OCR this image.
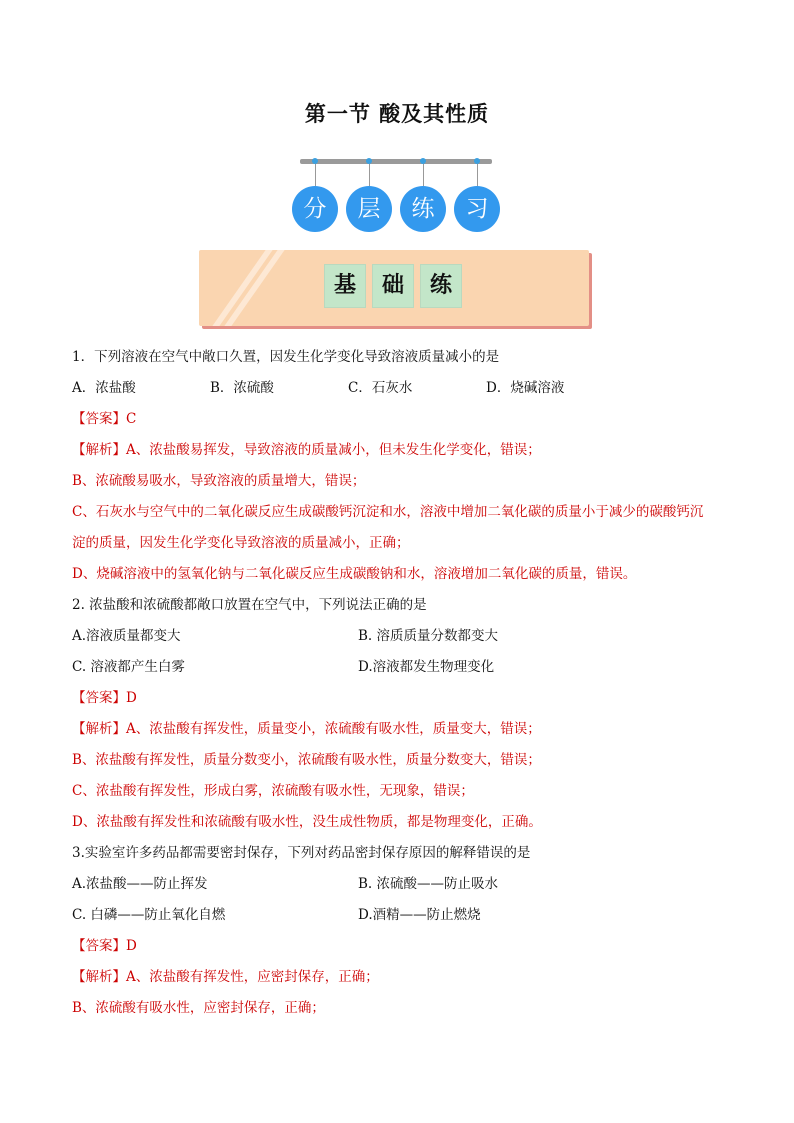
第一节 酸及其性质
分	层	练	习
基	础	练

1．下列溶液在空气中敞口久置，因发生化学变化导致溶液质量减小的是

A．浓盐酸	B．浓硫酸	C．石灰水	D．烧碱溶液

【答案】C

【解析】A、浓盐酸易挥发，导致溶液的质量减小，但未发生化学变化，错误；

B、浓硫酸易吸水，导致溶液的质量增大，错误；

C、石灰水与空气中的二氧化碳反应生成碳酸钙沉淀和水，溶液中增加二氧化碳的质量小于减少的碳酸钙沉

淀的质量，因发生化学变化导致溶液的质量减小，正确；

D、烧碱溶液中的氢氧化钠与二氧化碳反应生成碳酸钠和水，溶液增加二氧化碳的质量，错误。

2. 浓盐酸和浓硫酸都敞口放置在空气中，下列说法正确的是

A.溶液质量都变大	B. 溶质质量分数都变大
C. 溶液都产生白雾	D.溶液都发生物理变化

【答案】D

【解析】A、浓盐酸有挥发性，质量变小，浓硫酸有吸水性，质量变大，错误；

B、浓盐酸有挥发性，质量分数变小，浓硫酸有吸水性，质量分数变大，错误；

C、浓盐酸有挥发性，形成白雾，浓硫酸有吸水性，无现象，错误；

D、浓盐酸有挥发性和浓硫酸有吸水性，没生成性物质，都是物理变化，正确。

3.实验室许多药品都需要密封保存，下列对药品密封保存原因的解释错误的是

A.浓盐酸——防止挥发	B. 浓硫酸——防止吸水
C. 白磷——防止氧化自燃	D.酒精——防止燃烧

【答案】D

【解析】A、浓盐酸有挥发性，应密封保存，正确；

B、浓硫酸有吸水性，应密封保存，正确；
